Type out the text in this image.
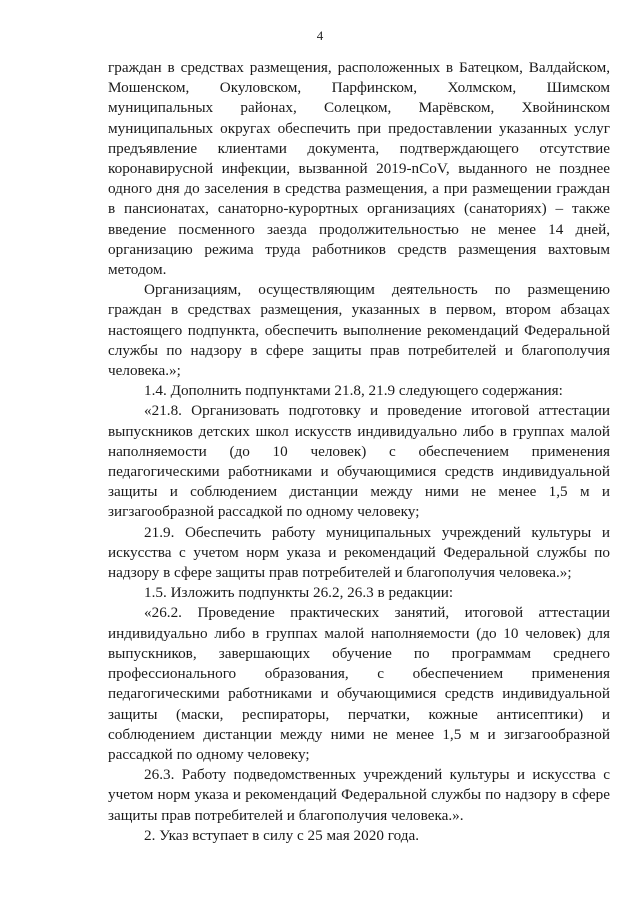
4

граждан в средствах размещения, расположенных в Батецком, Валдайском, Мошенском, Окуловском, Парфинском, Холмском, Шимском муниципальных районах, Солецком, Марёвском, Хвойнинском муниципальных округах обеспечить при предоставлении указанных услуг предъявление клиентами документа, подтверждающего отсутствие коронавирусной инфекции, вызванной 2019-nCoV, выданного не позднее одного дня до заселения в средства размещения, а при размещении граждан в пансионатах, санаторно-курортных организациях (санаториях) – также введение посменного заезда продолжительностью не менее 14 дней, организацию режима труда работников средств размещения вахтовым методом.

Организациям, осуществляющим деятельность по размещению граждан в средствах размещения, указанных в первом, втором абзацах настоящего подпункта, обеспечить выполнение рекомендаций Федеральной службы по надзору в сфере защиты прав потребителей и благополучия человека.»;

1.4. Дополнить подпунктами 21.8, 21.9 следующего содержания:

«21.8. Организовать подготовку и проведение итоговой аттестации выпускников детских школ искусств индивидуально либо в группах малой наполняемости (до 10 человек) с обеспечением применения педагогическими работниками и обучающимися средств индивидуальной защиты и соблюдением дистанции между ними не менее 1,5 м и зигзагообразной рассадкой по одному человеку;

21.9. Обеспечить работу муниципальных учреждений культуры и искусства с учетом норм указа и рекомендаций Федеральной службы по надзору в сфере защиты прав потребителей и благополучия человека.»;

1.5. Изложить подпункты 26.2, 26.3 в редакции:

«26.2. Проведение практических занятий, итоговой аттестации индивидуально либо в группах малой наполняемости (до 10 человек) для выпускников, завершающих обучение по программам среднего профессионального образования, с обеспечением применения педагогическими работниками и обучающимися средств индивидуальной защиты (маски, респираторы, перчатки, кожные антисептики) и соблюдением дистанции между ними не менее 1,5 м и зигзагообразной рассадкой по одному человеку;

26.3. Работу подведомственных учреждений культуры и искусства с учетом норм указа и рекомендаций Федеральной службы по надзору в сфере защиты прав потребителей и благополучия человека.».

2. Указ вступает в силу с 25 мая 2020 года.
